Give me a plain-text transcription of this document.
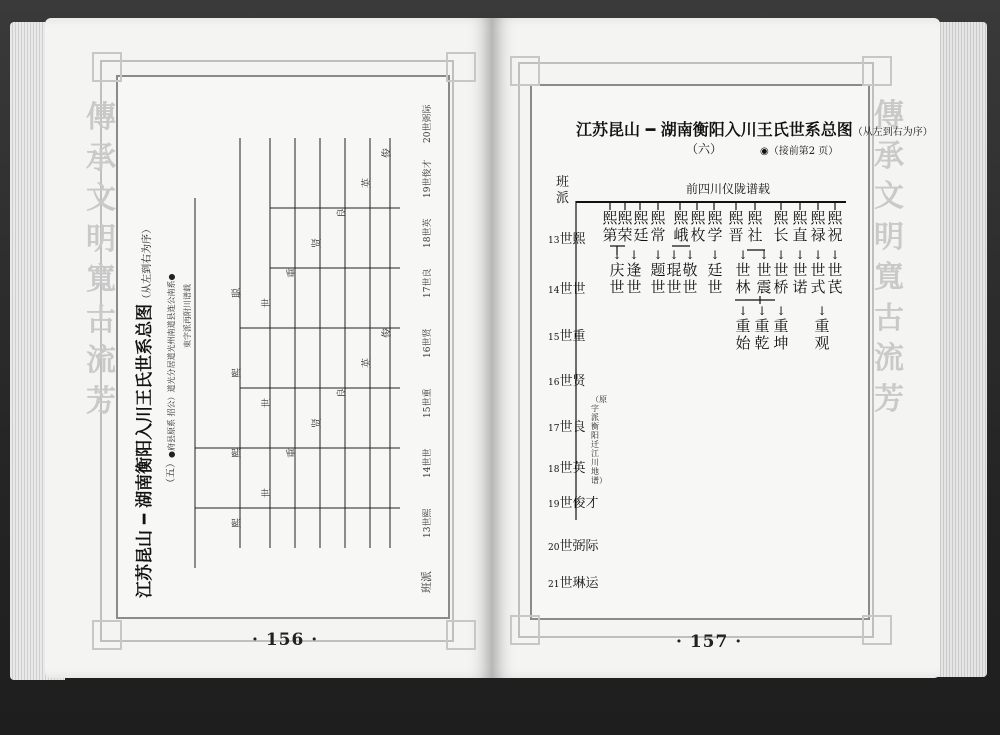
傳
承
文
明
寬
古
流
芳 江苏昆山 ━ 湖南衡阳入川王氏世系总图（从左到右为序）
（五）●府县原系 招公）道光分居道光州南道县连公南系● 東字派再附川谱载
熙
熙
熙
聪
世
世
世
重
重
贤
贤
良
良
英
英
俊
俊
班派
13世熙
14世世
15世重
16世贤
17世良
18世英
19世俊才
20世弼际
· 156 ·
傳
承
文
明
寬
古
流
芳
江苏昆山 ━ 湖南衡阳入川王氏世系总图（从左到右为序）
（六）	◉（接前第2 页）
班派
前四川仪陇谱载
13世熙
14世世
15世重
16世贤
17世良
18世英
19世俊才
20世弼际
21世琳运
熙第
熙荣
熙廷
熙常
熙峨
熙枚
熙学
熙晋
熙社
熙长
熙直
熙禄
熙祝
庆世
↓
逢世
↓
题世
↓
琨世
↓
敬世
↓
廷世
↓
世林
↓
世震
↓
世桥
↓
世诺
↓
世式
↓
世芪
↓
重始
↓
重乾
↓
重坤
↓
重观
↓
（原字派衡阳迁江川地谱）
· 157 ·
